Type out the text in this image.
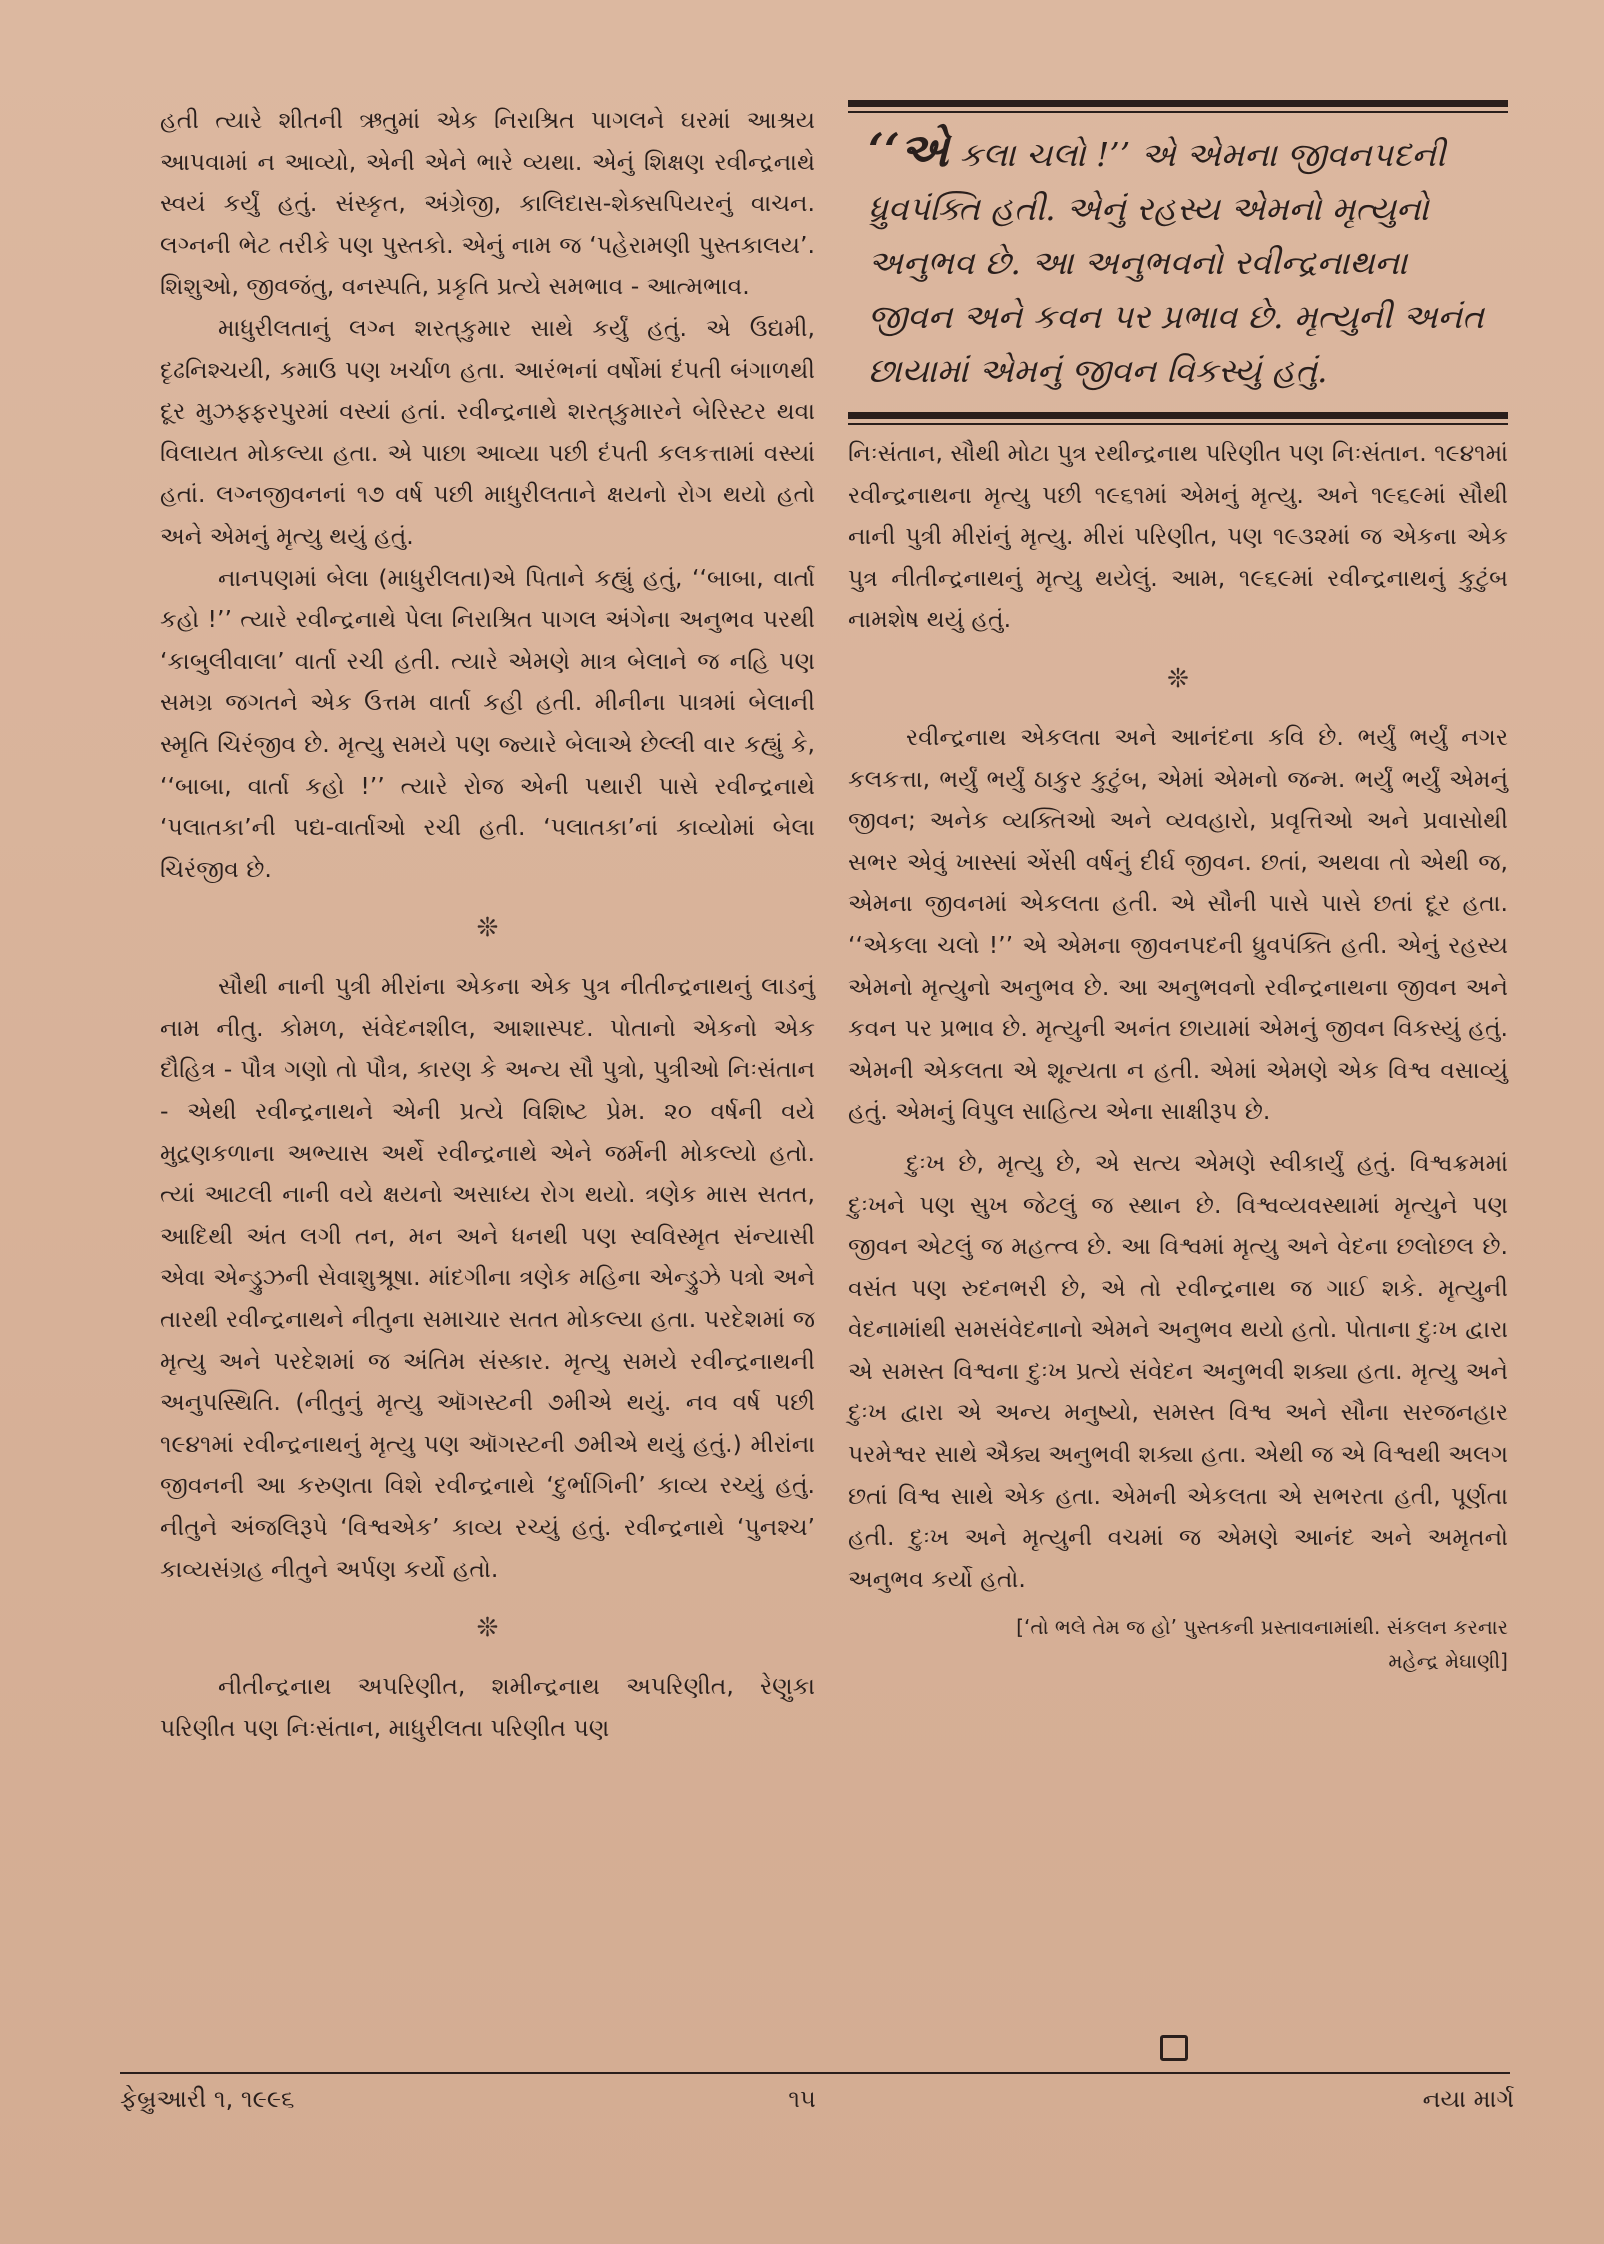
હતી ત્યારે શીતની ઋતુમાં એક નિરાશ્રિત પાગલને ઘરમાં આશ્રય આપવામાં ન આવ્યો, એની એને ભારે વ્યથા. એનું શિક્ષણ રવીન્દ્રનાથે સ્વયં કર્યું હતું. સંસ્કૃત, અંગ્રેજી, કાલિદાસ-શેક્સપિયરનું વાચન. લગ્નની ભેટ તરીકે પણ પુસ્તકો. એનું નામ જ ‘પહેરામણી પુસ્તકાલય’. શિશુઓ, જીવજંતુ, વનસ્પતિ, પ્રકૃતિ પ્રત્યે સમભાવ - આત્મભાવ.

માધુરીલતાનું લગ્ન શરત્‌કુમાર સાથે કર્યું હતું. એ ઉદ્યમી, દૃઢનિશ્ચયી, કમાઉ પણ ખર્ચાળ હતા. આરંભનાં વર્ષોમાં દંપતી બંગાળથી દૂર મુઝફ્ફરપુરમાં વસ્યાં હતાં. રવીન્દ્રનાથે શરત્‌કુમારને બેરિસ્ટર થવા વિલાયત મોકલ્યા હતા. એ પાછા આવ્યા પછી દંપતી કલકત્તામાં વસ્યાં હતાં. લગ્નજીવનનાં ૧૭ વર્ષ પછી માધુરીલતાને ક્ષયનો રોગ થયો હતો અને એમનું મૃત્યુ થયું હતું.

નાનપણમાં બેલા (માધુરીલતા)એ પિતાને કહ્યું હતું, ‘‘બાબા, વાર્તા કહો !’’ ત્યારે રવીન્દ્રનાથે પેલા નિરાશ્રિત પાગલ અંગેના અનુભવ પરથી ‘કાબુલીવાલા’ વાર્તા રચી હતી. ત્યારે એમણે માત્ર બેલાને જ નહિ પણ સમગ્ર જગતને એક ઉત્તમ વાર્તા કહી હતી. મીનીના પાત્રમાં બેલાની સ્મૃતિ ચિરંજીવ છે. મૃત્યુ સમયે પણ જ્યારે બેલાએ છેલ્લી વાર કહ્યું કે, ‘‘બાબા, વાર્તા કહો !’’ ત્યારે રોજ એની પથારી પાસે રવીન્દ્રનાથે ‘પલાતકા’ની પદ્ય-વાર્તાઓ રચી હતી. ‘પલાતકા’નાં કાવ્યોમાં બેલા ચિરંજીવ છે.

❊

સૌથી નાની પુત્રી મીરાંના એકના એક પુત્ર નીતીન્દ્રનાથનું લાડનું નામ નીતુ. કોમળ, સંવેદનશીલ, આશાસ્પદ. પોતાનો એકનો એક દૌહિત્ર - પૌત્ર ગણો તો પૌત્ર, કારણ કે અન્ય સૌ પુત્રો, પુત્રીઓ નિઃસંતાન - એથી રવીન્દ્રનાથને એની પ્રત્યે વિશિષ્ટ પ્રેમ. ૨૦ વર્ષની વયે મુદ્રણકળાના અભ્યાસ અર્થે રવીન્દ્રનાથે એને જર્મની મોકલ્યો હતો. ત્યાં આટલી નાની વયે ક્ષયનો અસાધ્ય રોગ થયો. ત્રણેક માસ સતત, આદિથી અંત લગી તન, મન અને ધનથી પણ સ્વવિસ્મૃત સંન્યાસી એવા એન્ડ્રુઝની સેવાશુશ્રૂષા. માંદગીના ત્રણેક મહિના એન્ડ્રુઝે પત્રો અને તારથી રવીન્દ્રનાથને નીતુના સમાચાર સતત મોકલ્યા હતા. પરદેશમાં જ મૃત્યુ અને પરદેશમાં જ અંતિમ સંસ્કાર. મૃત્યુ સમયે રવીન્દ્રનાથની અનુપસ્થિતિ. (નીતુનું મૃત્યુ ઑગસ્ટની ૭મીએ થયું. નવ વર્ષ પછી ૧૯૪૧માં રવીન્દ્રનાથનું મૃત્યુ પણ ઑગસ્ટની ૭મીએ થયું હતું.) મીરાંના જીવનની આ કરુણતા વિશે રવીન્દ્રનાથે ‘દુર્ભાગિની’ કાવ્ય રચ્યું હતું. નીતુને અંજલિરૂપે ‘વિશ્વએક’ કાવ્ય રચ્યું હતું. રવીન્દ્રનાથે ‘પુનશ્ચ’ કાવ્યસંગ્રહ નીતુને અર્પણ કર્યો હતો.

❊

નીતીન્દ્રનાથ અપરિણીત, શમીન્દ્રનાથ અપરિણીત, રેણુકા પરિણીત પણ નિઃસંતાન, માધુરીલતા પરિણીત પણ

‘‘એ કલા ચલો !’’ એ એમના જીવનપદની ધ્રુવપંક્તિ હતી. એનું રહસ્ય એમનો મૃત્યુનો અનુભવ છે. આ અનુભવનો રવીન્દ્રનાથના જીવન અને કવન પર પ્રભાવ છે. મૃત્યુની અનંત છાયામાં એમનું જીવન વિકસ્યું હતું.

નિઃસંતાન, સૌથી મોટા પુત્ર રથીન્દ્રનાથ પરિણીત પણ નિઃસંતાન. ૧૯૪૧માં રવીન્દ્રનાથના મૃત્યુ પછી ૧૯૬૧માં એમનું મૃત્યુ. અને ૧૯૬૯માં સૌથી નાની પુત્રી મીરાંનું મૃત્યુ. મીરાં પરિણીત, પણ ૧૯૩૨માં જ એકના એક પુત્ર નીતીન્દ્રનાથનું મૃત્યુ થયેલું. આમ, ૧૯૬૯માં રવીન્દ્રનાથનું કુટુંબ નામશેષ થયું હતું.

❊

રવીન્દ્રનાથ એકલતા અને આનંદના કવિ છે. ભર્યું ભર્યું નગર કલકત્તા, ભર્યું ભર્યું ઠાકુર કુટુંબ, એમાં એમનો જન્મ. ભર્યું ભર્યું એમનું જીવન; અનેક વ્યક્તિઓ અને વ્યવહારો, પ્રવૃત્તિઓ અને પ્રવાસોથી સભર એવું ખાસ્સાં એંસી વર્ષનું દીર્ઘ જીવન. છતાં, અથવા તો એથી જ, એમના જીવનમાં એકલતા હતી. એ સૌની પાસે પાસે છતાં દૂર હતા. ‘‘એકલા ચલો !’’ એ એમના જીવનપદની ધ્રુવપંક્તિ હતી. એનું રહસ્ય એમનો મૃત્યુનો અનુભવ છે. આ અનુભવનો રવીન્દ્રનાથના જીવન અને કવન પર પ્રભાવ છે. મૃત્યુની અનંત છાયામાં એમનું જીવન વિકસ્યું હતું. એમની એકલતા એ શૂન્યતા ન હતી. એમાં એમણે એક વિશ્વ વસાવ્યું હતું. એમનું વિપુલ સાહિત્ય એના સાક્ષીરૂપ છે.

દુઃખ છે, મૃત્યુ છે, એ સત્ય એમણે સ્વીકાર્યું હતું. વિશ્વક્રમમાં દુઃખને પણ સુખ જેટલું જ સ્થાન છે. વિશ્વવ્યવસ્થામાં મૃત્યુને પણ જીવન એટલું જ મહત્ત્વ છે. આ વિશ્વમાં મૃત્યુ અને વેદના છલોછલ છે. વસંત પણ રુદનભરી છે, એ તો રવીન્દ્રનાથ જ ગાઈ શકે. મૃત્યુની વેદનામાંથી સમસંવેદનાનો એમને અનુભવ થયો હતો. પોતાના દુઃખ દ્વારા એ સમસ્ત વિશ્વના દુઃખ પ્રત્યે સંવેદન અનુભવી શક્યા હતા. મૃત્યુ અને દુઃખ દ્વારા એ અન્ય મનુષ્યો, સમસ્ત વિશ્વ અને સૌના સરજનહાર પરમેશ્વર સાથે ઐક્ય અનુભવી શક્યા હતા. એથી જ એ વિશ્વથી અલગ છતાં વિશ્વ સાથે એક હતા. એમની એકલતા એ સભરતા હતી, પૂર્ણતા હતી. દુઃખ અને મૃત્યુની વચમાં જ એમણે આનંદ અને અમૃતનો અનુભવ કર્યો હતો.

[‘તો ભલે તેમ જ હો’ પુસ્તકની પ્રસ્તાવનામાંથી. સંકલન કરનાર
મહેન્દ્ર મેઘાણી]

ફેબ્રુઆરી ૧, ૧૯૯૬	૧૫	નયા માર્ગ
